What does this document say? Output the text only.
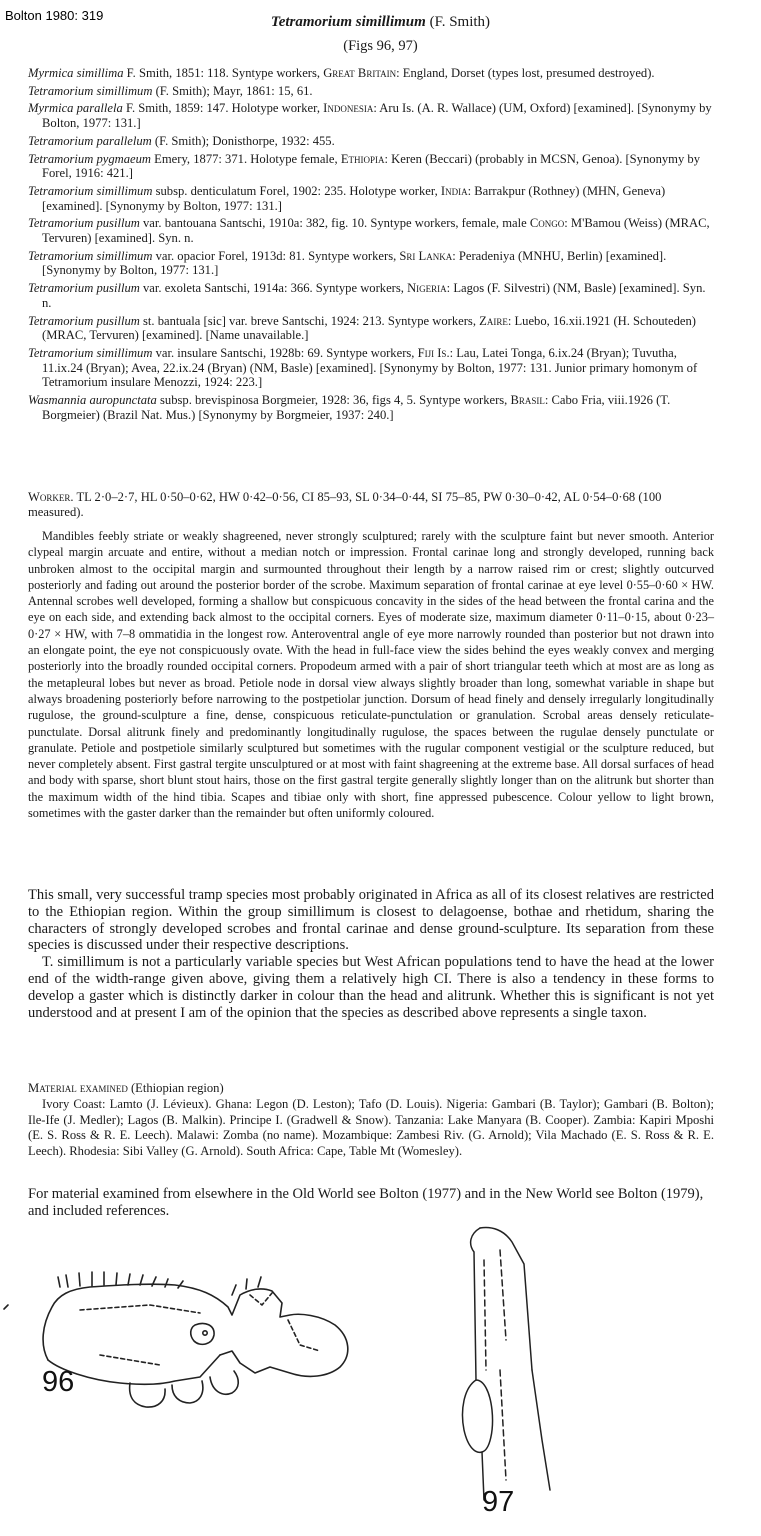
Bolton 1980: 319	Tetramorium simillimum (F. Smith)
(Figs 96, 97)

Myrmica simillima F. Smith, 1851: 118. Syntype workers, Great Britain: England, Dorset (types lost, presumed destroyed).

Tetramorium simillimum (F. Smith); Mayr, 1861: 15, 61.

Myrmica parallela F. Smith, 1859: 147. Holotype worker, Indonesia: Aru Is. (A. R. Wallace) (UM, Oxford) [examined]. [Synonymy by Bolton, 1977: 131.]

Tetramorium parallelum (F. Smith); Donisthorpe, 1932: 455.

Tetramorium pygmaeum Emery, 1877: 371. Holotype female, Ethiopia: Keren (Beccari) (probably in MCSN, Genoa). [Synonymy by Forel, 1916: 421.]

Tetramorium simillimum subsp. denticulatum Forel, 1902: 235. Holotype worker, India: Barrakpur (Rothney) (MHN, Geneva) [examined]. [Synonymy by Bolton, 1977: 131.]

Tetramorium pusillum var. bantouana Santschi, 1910a: 382, fig. 10. Syntype workers, female, male Congo: M'Bamou (Weiss) (MRAC, Tervuren) [examined]. Syn. n.

Tetramorium simillimum var. opacior Forel, 1913d: 81. Syntype workers, Sri Lanka: Peradeniya (MNHU, Berlin) [examined]. [Synonymy by Bolton, 1977: 131.]

Tetramorium pusillum var. exoleta Santschi, 1914a: 366. Syntype workers, Nigeria: Lagos (F. Silvestri) (NM, Basle) [examined]. Syn. n.

Tetramorium pusillum st. bantuala [sic] var. breve Santschi, 1924: 213. Syntype workers, Zaire: Luebo, 16.xii.1921 (H. Schouteden) (MRAC, Tervuren) [examined]. [Name unavailable.]

Tetramorium simillimum var. insulare Santschi, 1928b: 69. Syntype workers, Fiji Is.: Lau, Latei Tonga, 6.ix.24 (Bryan); Tuvutha, 11.ix.24 (Bryan); Avea, 22.ix.24 (Bryan) (NM, Basle) [examined]. [Synonymy by Bolton, 1977: 131. Junior primary homonym of Tetramorium insulare Menozzi, 1924: 223.]

Wasmannia auropunctata subsp. brevispinosa Borgmeier, 1928: 36, figs 4, 5. Syntype workers, Brasil: Cabo Fria, viii.1926 (T. Borgmeier) (Brazil Nat. Mus.) [Synonymy by Borgmeier, 1937: 240.]

Worker. TL 2·0–2·7, HL 0·50–0·62, HW 0·42–0·56, CI 85–93, SL 0·34–0·44, SI 75–85, PW 0·30–0·42, AL 0·54–0·68 (100 measured).

Mandibles feebly striate or weakly shagreened, never strongly sculptured; rarely with the sculpture faint but never smooth. Anterior clypeal margin arcuate and entire, without a median notch or impression. Frontal carinae long and strongly developed, running back unbroken almost to the occipital margin and surmounted throughout their length by a narrow raised rim or crest; slightly outcurved posteriorly and fading out around the posterior border of the scrobe. Maximum separation of frontal carinae at eye level 0·55–0·60 × HW. Antennal scrobes well developed, forming a shallow but conspicuous concavity in the sides of the head between the frontal carina and the eye on each side, and extending back almost to the occipital corners. Eyes of moderate size, maximum diameter 0·11–0·15, about 0·23–0·27 × HW, with 7–8 ommatidia in the longest row. Anteroventral angle of eye more narrowly rounded than posterior but not drawn into an elongate point, the eye not conspicuously ovate. With the head in full-face view the sides behind the eyes weakly convex and merging posteriorly into the broadly rounded occipital corners. Propodeum armed with a pair of short triangular teeth which at most are as long as the metapleural lobes but never as broad. Petiole node in dorsal view always slightly broader than long, somewhat variable in shape but always broadening posteriorly before narrowing to the postpetiolar junction. Dorsum of head finely and densely irregularly longitudinally rugulose, the ground-sculpture a fine, dense, conspicuous reticulate-punctulation or granulation. Scrobal areas densely reticulate-punctulate. Dorsal alitrunk finely and predominantly longitudinally rugulose, the spaces between the rugulae densely punctulate or granulate. Petiole and postpetiole similarly sculptured but sometimes with the rugular component vestigial or the sculpture reduced, but never completely absent. First gastral tergite unsculptured or at most with faint shagreening at the extreme base. All dorsal surfaces of head and body with sparse, short blunt stout hairs, those on the first gastral tergite generally slightly longer than on the alitrunk but shorter than the maximum width of the hind tibia. Scapes and tibiae only with short, fine appressed pubescence. Colour yellow to light brown, sometimes with the gaster darker than the remainder but often uniformly coloured.

This small, very successful tramp species most probably originated in Africa as all of its closest relatives are restricted to the Ethiopian region. Within the group simillimum is closest to delagoense, bothae and rhetidum, sharing the characters of strongly developed scrobes and frontal carinae and dense ground-sculpture. Its separation from these species is discussed under their respective descriptions.

T. simillimum is not a particularly variable species but West African populations tend to have the head at the lower end of the width-range given above, giving them a relatively high CI. There is also a tendency in these forms to develop a gaster which is distinctly darker in colour than the head and alitrunk. Whether this is significant is not yet understood and at present I am of the opinion that the species as described above represents a single taxon.

Material examined (Ethiopian region)

Ivory Coast: Lamto (J. Lévieux). Ghana: Legon (D. Leston); Tafo (D. Louis). Nigeria: Gambari (B. Taylor); Gambari (B. Bolton); Ile-Ife (J. Medler); Lagos (B. Malkin). Principe I. (Gradwell & Snow). Tanzania: Lake Manyara (B. Cooper). Zambia: Kapiri Mposhi (E. S. Ross & R. E. Leech). Malawi: Zomba (no name). Mozambique: Zambesi Riv. (G. Arnold); Vila Machado (E. S. Ross & R. E. Leech). Rhodesia: Sibi Valley (G. Arnold). South Africa: Cape, Table Mt (Womesley).

For material examined from elsewhere in the Old World see Bolton (1977) and in the New World see Bolton (1979), and included references.

96
97
